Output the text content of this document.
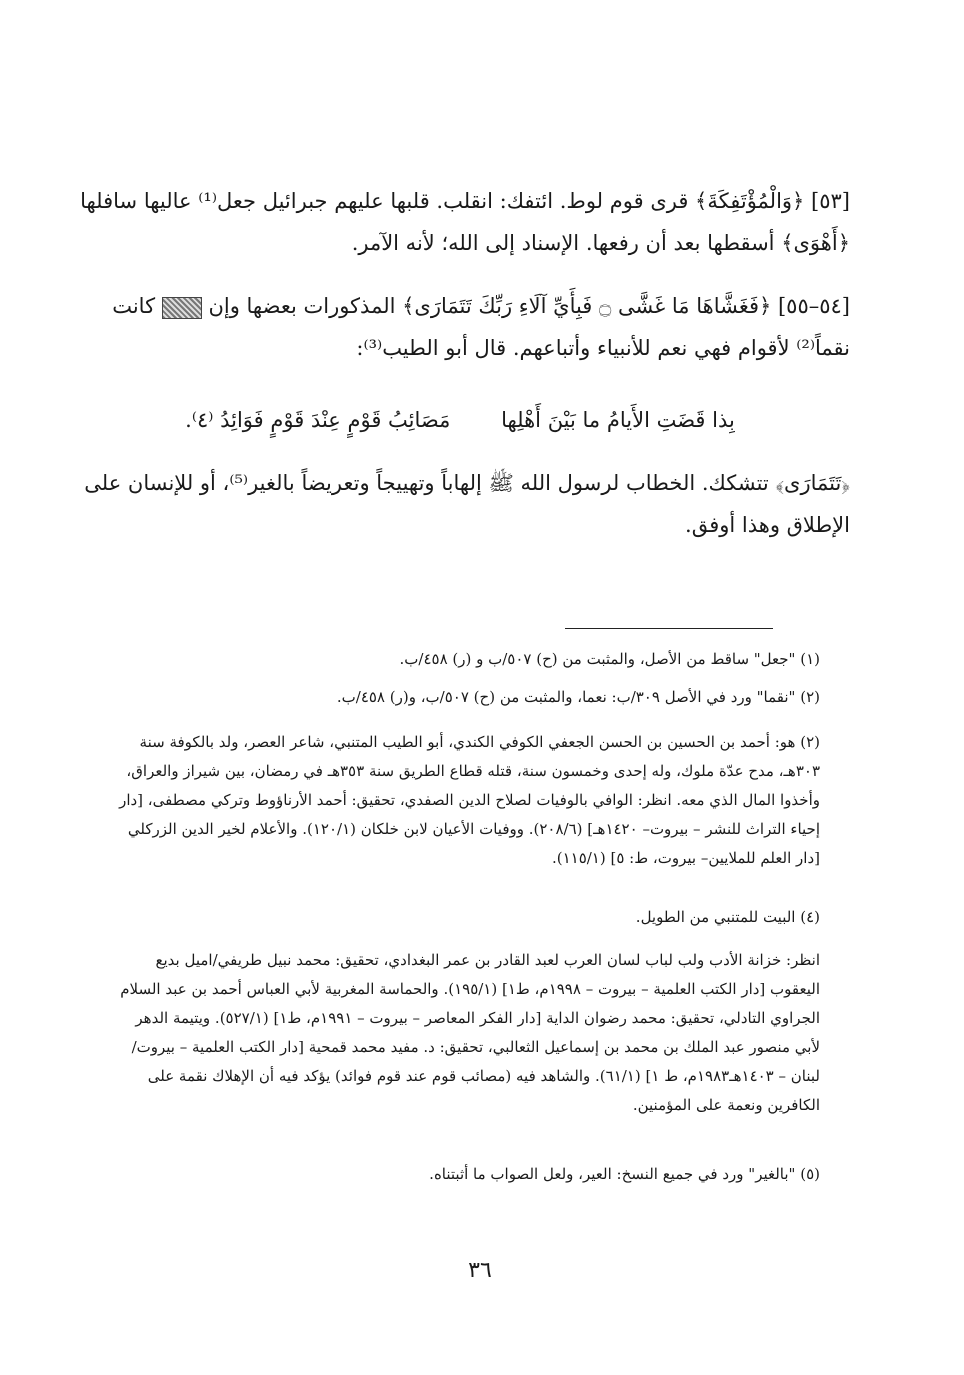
[٥٣] ﴿وَالْمُؤْتَفِكَةَ﴾ قرى قوم لوط. ائتفك: انقلب. قلبها عليهم جبرائيل جعل⁽¹⁾ عاليها سافلها ﴿أَهْوَى﴾ أسقطها بعد أن رفعها. الإسناد إلى الله؛ لأنه الآمر.
[٥٤–٥٥] ﴿فَغَشَّاهَا مَا غَشَّى ۝ فَبِأَيِّ آلَاءِ رَبِّكَ تَتَمَارَى﴾ المذكورات بعضها وإن  كانت نقماً⁽²⁾ لأقوام فهي نعم للأنبياء وأتباعهم. قال أبو الطيب⁽³⁾:
بِذا قَضَتِ الأَيامُ ما بَيْنَ أَهْلِها مَصَائِبُ قَوْمٍ عِنْدَ قَوْمٍ فَوَائِدُ ⁽٤⁾.
﴿تَتَمَارَى﴾ تتشكك. الخطاب لرسول الله ﷺ إلهاباً وتهييجاً وتعريضاً بالغير⁽⁵⁾، أو للإنسان على الإطلاق وهذا أوفق.
(١) "جعل" ساقط من الأصل، والمثبت من (ح) ٥٠٧/ب و (ر) ٤٥٨/ب.
(٢) "نقما" ورد في الأصل ٣٠٩/ب: نعما، والمثبت من (ح) ٥٠٧/ب، و(ر) ٤٥٨/ب.
(٢) هو: أحمد بن الحسين بن الحسن الجعفي الكوفي الكندي، أبو الطيب المتنبي، شاعر العصر، ولد بالكوفة سنة ٣٠٣هـ، مدح عدّة ملوك، وله إحدى وخمسون سنة، قتله قطاع الطريق سنة ٣٥٣هـ في رمضان، بين شيراز والعراق، وأخذوا المال الذي معه. انظر: الوافي بالوفيات لصلاح الدين الصفدي، تحقيق: أحمد الأرناؤوط وتركي مصطفى، [دار إحياء التراث للنشر – بيروت– ١٤٢٠هـ] (٢٠٨/٦). ووفيات الأعيان لابن خلكان (١٢٠/١). والأعلام لخير الدين الزركلي [دار العلم للملايين– بيروت، ط: ٥] (١١٥/١).
(٤) البيت للمتنبي من الطويل.
انظر: خزانة الأدب ولب لباب لسان العرب لعبد القادر بن عمر البغدادي، تحقيق: محمد نبيل طريفي/اميل بديع اليعقوب [دار الكتب العلمية – بيروت – ١٩٩٨م، ط١] (١٩٥/١). والحماسة المغربية لأبي العباس أحمد بن عبد السلام الجراوي التادلي، تحقيق: محمد رضوان الداية [دار الفكر المعاصر – بيروت – ١٩٩١م، ط١] (٥٢٧/١). ويتيمة الدهر لأبي منصور عبد الملك بن محمد بن إسماعيل الثعالبي، تحقيق: د. مفيد محمد قمحية [دار الكتب العلمية – بيروت/لبنان – ١٤٠٣هـ١٩٨٣م، ط ١] (٦١/١). والشاهد فيه (مصائب قوم عند قوم فوائد) يؤكد فيه أن الإهلاك نقمة على الكافرين ونعمة على المؤمنين.
(٥) "بالغير" ورد في جميع النسخ: العير، ولعل الصواب ما أثبتناه.
٣٦
